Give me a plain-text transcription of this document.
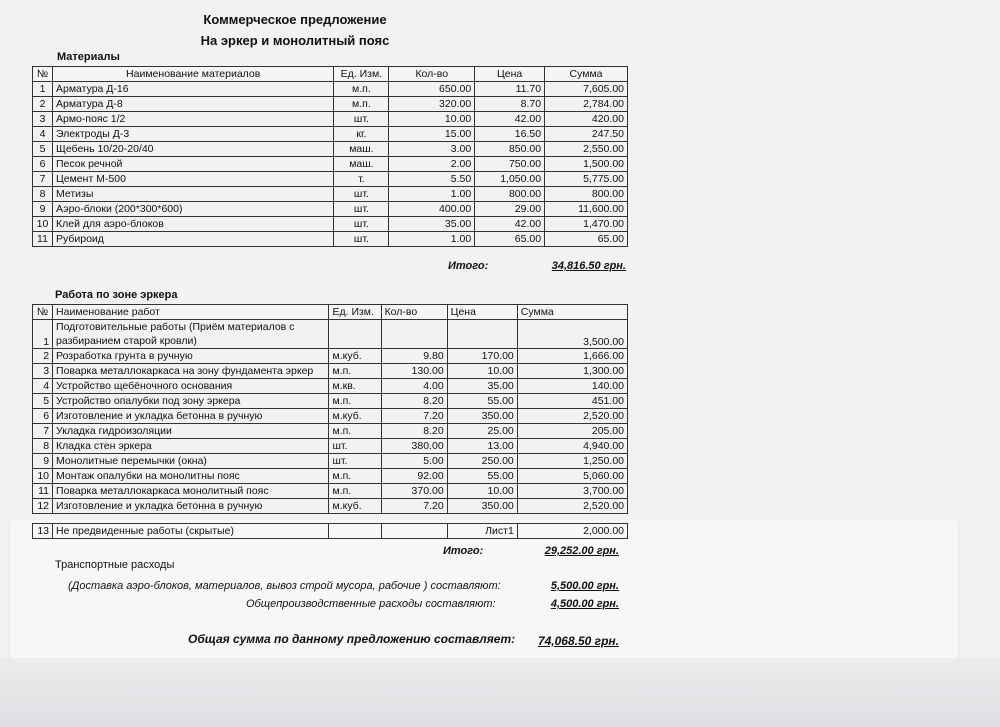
Коммерческое предложение
На эркер и монолитный пояс
Материалы
№	Наименование материалов	Ед. Изм.	Кол-во	Цена	Сумма
1	Арматура Д-16	м.п.	650.00	11.70	7,605.00
2	Арматура Д-8	м.п.	320.00	8.70	2,784.00
3	Армо-пояс 1/2	шт.	10.00	42.00	420.00
4	Электроды Д-3	кг.	15.00	16.50	247.50
5	Щебень 10/20-20/40	маш.	3.00	850.00	2,550.00
6	Песок речной	маш.	2.00	750.00	1,500.00
7	Цемент М-500	т.	5.50	1,050.00	5,775.00
8	Метизы	шт.	1.00	800.00	800.00
9	Аэро-блоки (200*300*600)	шт.	400.00	29.00	11,600.00
10	Клей для аэро-блоков	шт.	35.00	42.00	1,470.00
11	Рубироид	шт.	1.00	65.00	65.00
Итого:	34,816.50 грн.
Работа по зоне эркера
№	Наименование работ	Ед. Изм.	Кол-во	Цена	Сумма
1	Подготовительные работы (Приём материалов с
разбиранием старой кровли)				3,500.00
2	Розработка грунта в ручную	м.куб.	9.80	170.00	1,666.00
3	Поварка металлокаркаса на зону фундамента эркер	м.п.	130.00	10.00	1,300.00
4	Устройство щебёночного основания	м.кв.	4.00	35.00	140.00
5	Устройство опалубки под зону эркера	м.п.	8.20	55.00	451.00
6	Изготовление и укладка бетонна в ручную	м.куб.	7.20	350.00	2,520.00
7	Укладка гидроизоляции	м.п.	8.20	25.00	205.00
8	Кладка стен эркера	шт.	380.00	13.00	4,940.00
9	Монолитные перемычки (окна)	шт.	5.00	250.00	1,250.00
10	Монтаж опалубки на монолитны пояс	м.п.	92.00	55.00	5,060.00
11	Поварка металлокаркаса монолитный пояс	м.п.	370.00	10.00	3,700.00
12	Изготовление и укладка бетонна в ручную	м.куб.	7.20	350.00	2,520.00
13	Не предвиденные работы (скрытые)			Лист1	2,000.00
Итого:	29,252.00 грн.
Транспортные расходы
(Доставка аэро-блоков, материалов, вывоз строй мусора, рабочие ) составляют:	5,500.00 грн.
Общепроизводственные расходы составляют:	4,500.00 грн.
Общая сумма по данному предложению составляет:	74,068.50 грн.
